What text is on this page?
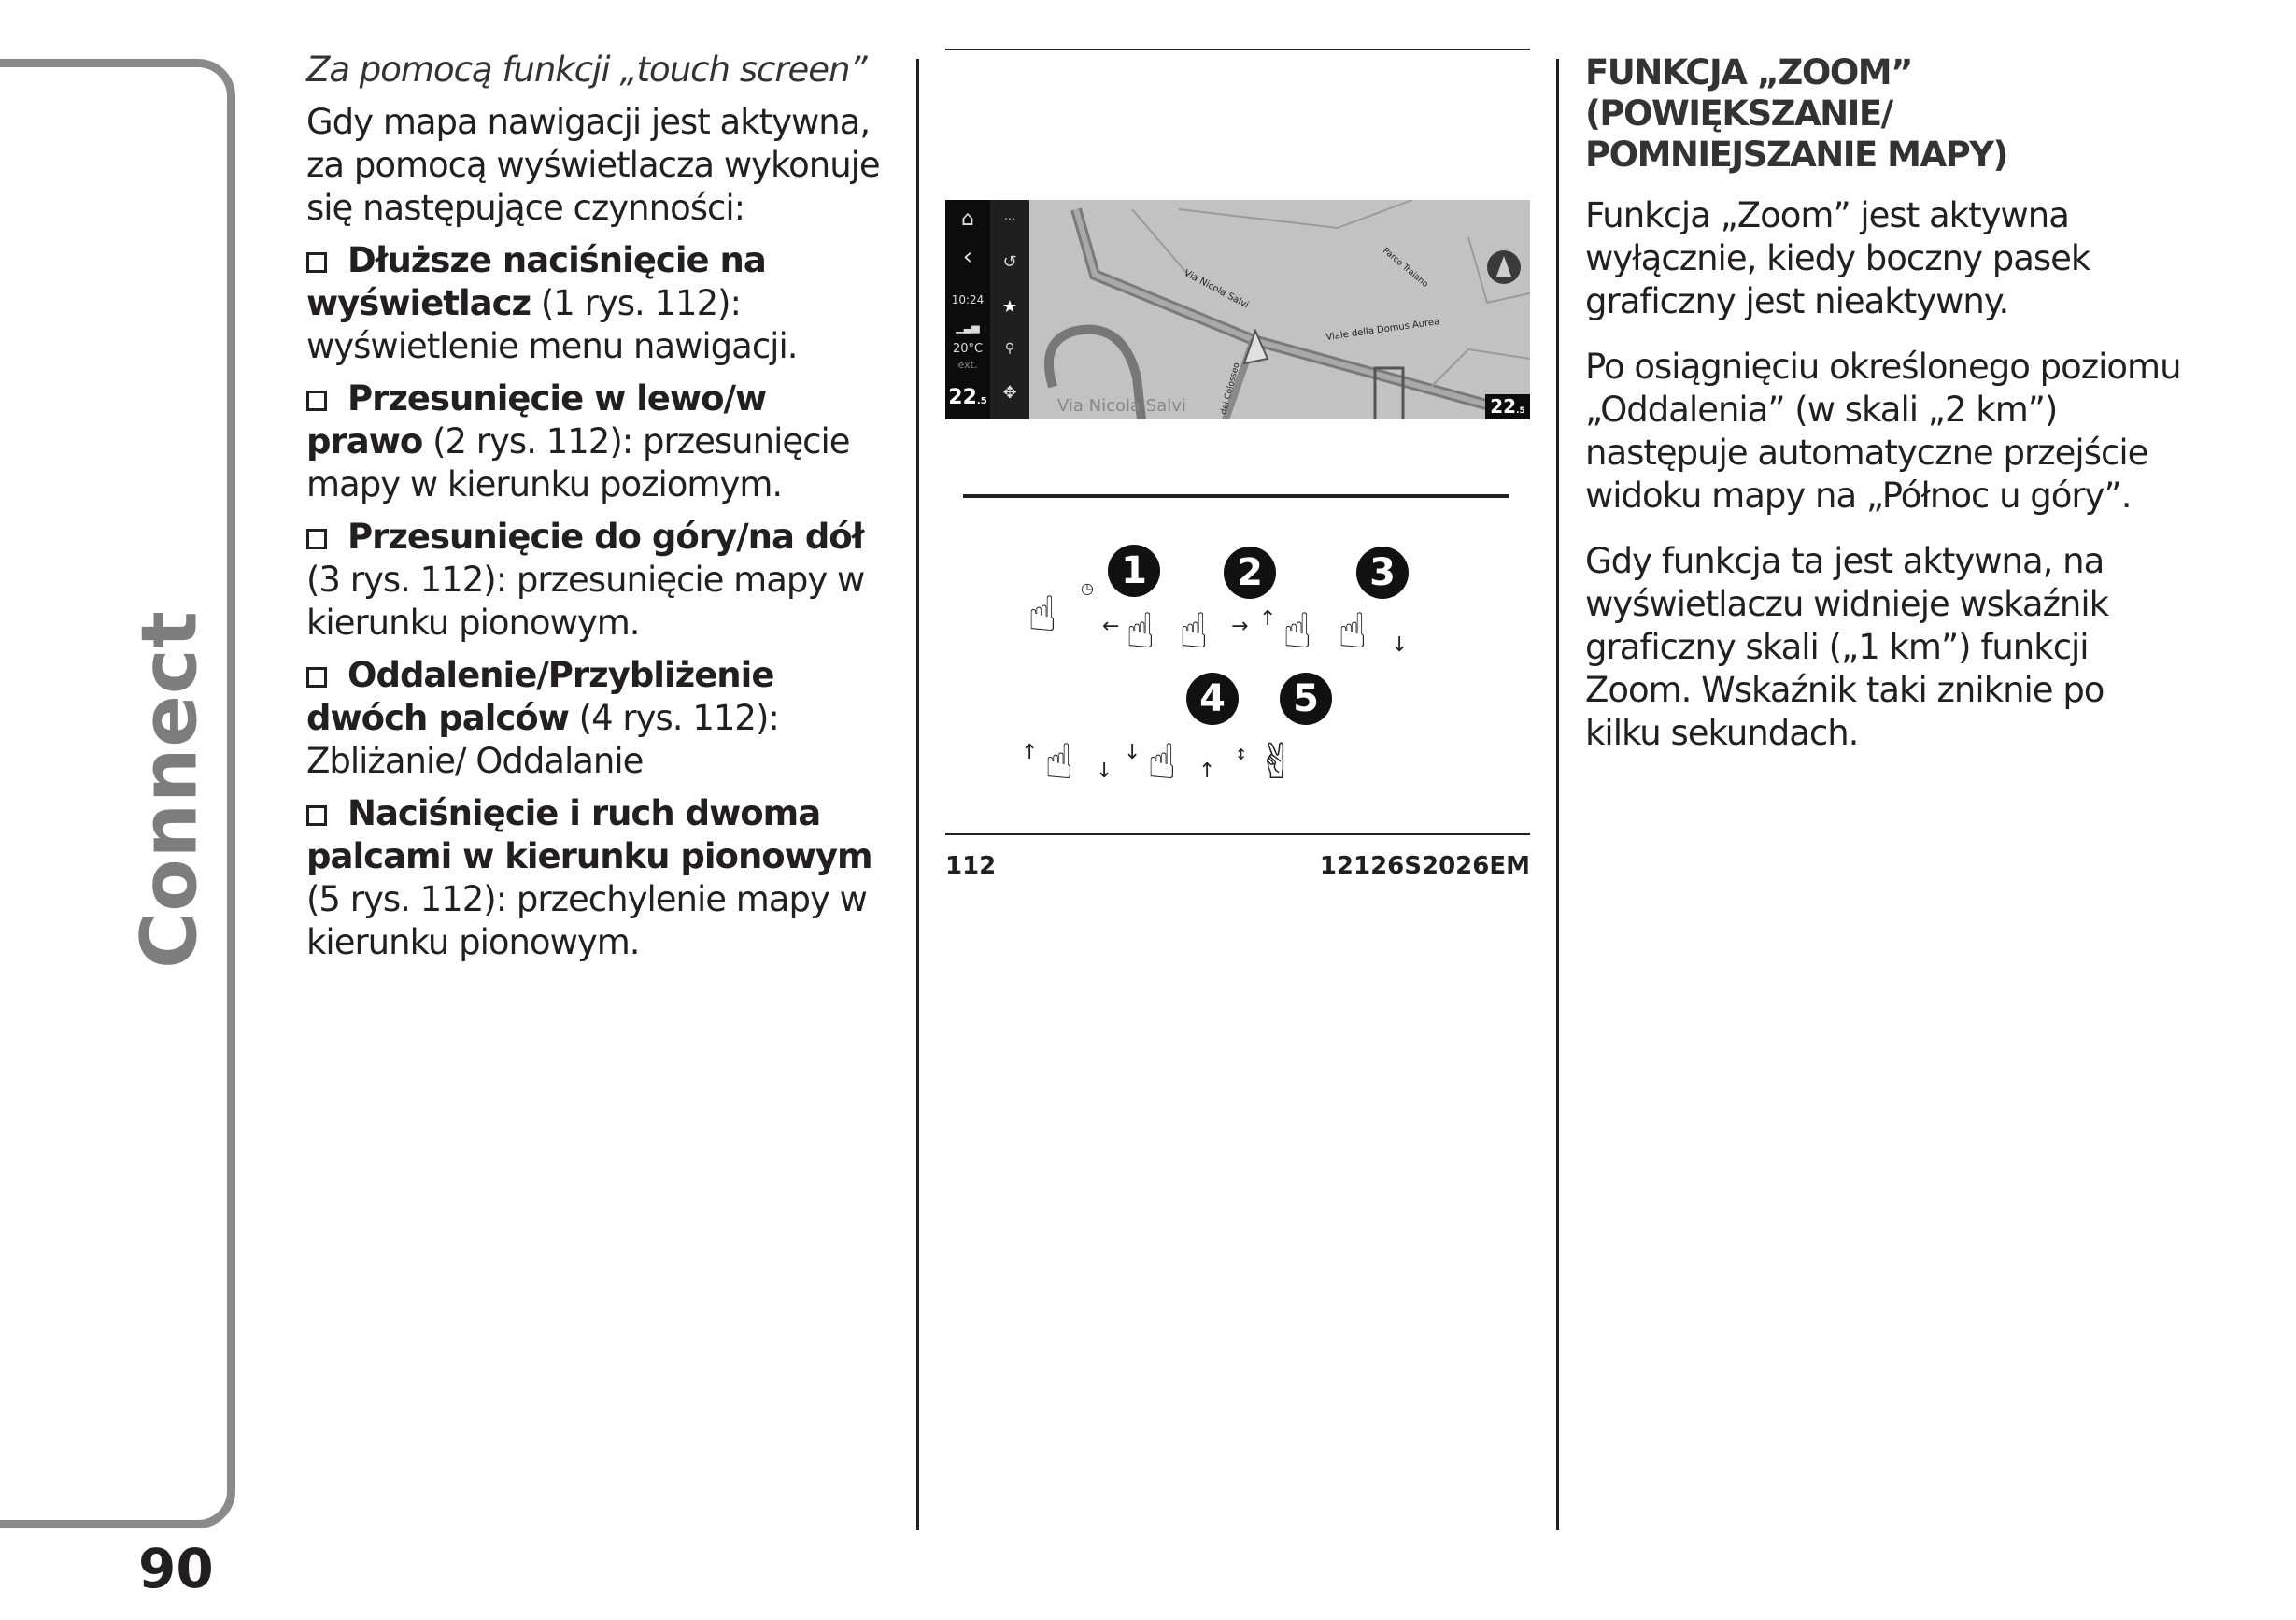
Connect
90

Za pomocą funkcji „touch screen”

Gdy mapa nawigacji jest aktywna, za pomocą wyświetlacza wykonuje się następujące czynności:

Dłuższe naciśnięcie na wyświetlacz (1 rys. 112): wyświetlenie menu nawigacji.

Przesunięcie w lewo/w prawo (2 rys. 112): przesunięcie mapy w kierunku poziomym.

Przesunięcie do góry/na dół (3 rys. 112): przesunięcie mapy w kierunku pionowym.

Oddalenie/Przybliżenie dwóch palców (4 rys. 112): Zbliżanie/ Oddalanie

Naciśnięcie i ruch dwoma palcami w kierunku pionowym (5 rys. 112): przechylenie mapy w kierunku pionowym.

Via Nicola Salvi
Viale della Domus Aurea
Parco Traiano
dei Colosseo
⌂
‹
10:24
▁▃▅
20°C
ext.
22.5
⋯
↺
★
⚲
✥
Via Nicola Salvi	22.5
1	2	3
4	5
☝ ◷
← ☝ ☝ → ↑ ☝ ☝ ↓
↑ ☝ ↓
↓ ☝ ↑
↕ ✌
112	12126S2026EM

FUNKCJA „ZOOM” (POWIĘKSZANIE/ POMNIEJSZANIE MAPY)

Funkcja „Zoom” jest aktywna wyłącznie, kiedy boczny pasek graficzny jest nieaktywny.

Po osiągnięciu określonego poziomu „Oddalenia” (w skali „2 km”) następuje automatyczne przejście widoku mapy na „Północ u góry”.

Gdy funkcja ta jest aktywna, na wyświetlaczu widnieje wskaźnik graficzny skali („1 km”) funkcji Zoom. Wskaźnik taki zniknie po kilku sekundach.
